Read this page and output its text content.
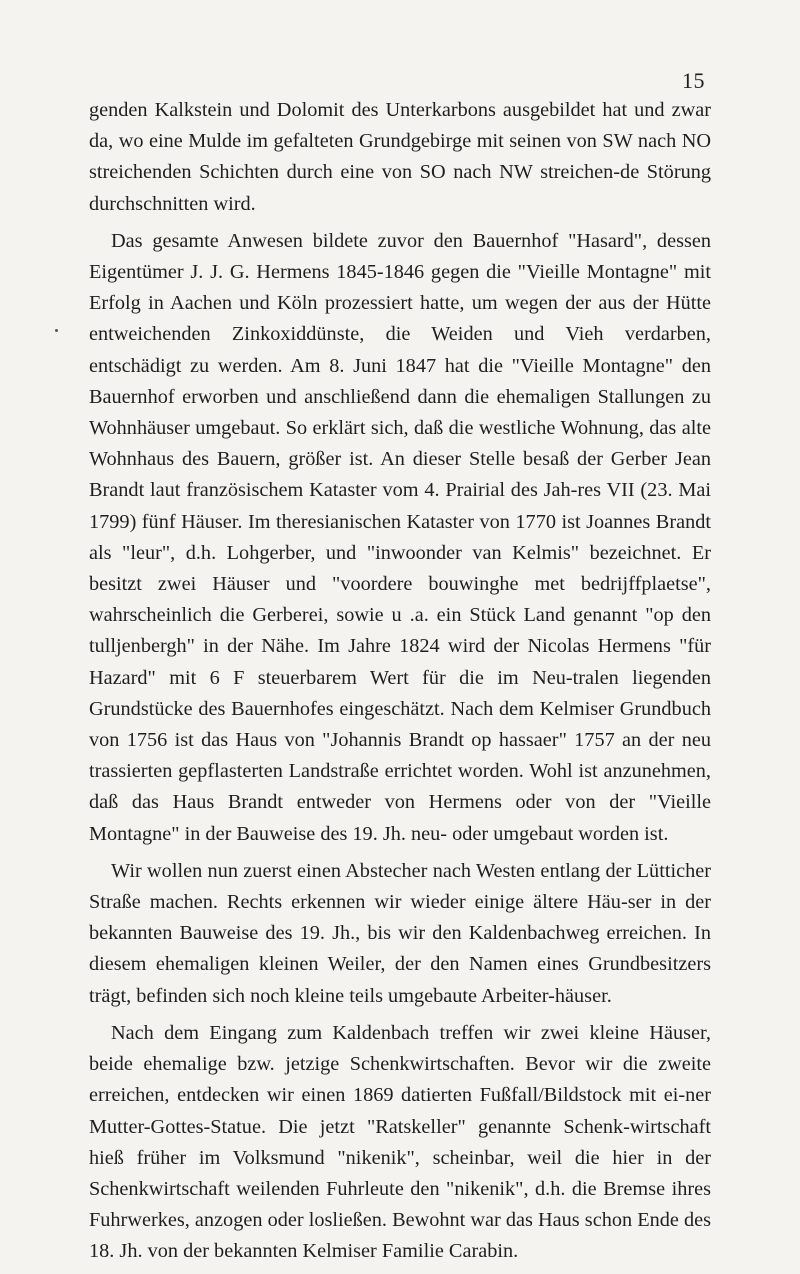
15

genden Kalkstein und Dolomit des Unterkarbons ausgebildet hat und zwar da, wo eine Mulde im gefalteten Grundgebirge mit seinen von SW nach NO streichenden Schichten durch eine von SO nach NW streichen-de Störung durchschnitten wird.

Das gesamte Anwesen bildete zuvor den Bauernhof "Hasard", dessen Eigentümer J. J. G. Hermens 1845-1846 gegen die "Vieille Montagne" mit Erfolg in Aachen und Köln prozessiert hatte, um wegen der aus der Hütte entweichenden Zinkoxiddünste, die Weiden und Vieh verdarben, entschädigt zu werden. Am 8. Juni 1847 hat die "Vieille Montagne" den Bauernhof erworben und anschließend dann die ehemaligen Stallungen zu Wohnhäuser umgebaut. So erklärt sich, daß die westliche Wohnung, das alte Wohnhaus des Bauern, größer ist. An dieser Stelle besaß der Gerber Jean Brandt laut französischem Kataster vom 4. Prairial des Jah-res VII (23. Mai 1799) fünf Häuser. Im theresianischen Kataster von 1770 ist Joannes Brandt als "leur", d.h. Lohgerber, und "inwoonder van Kelmis" bezeichnet. Er besitzt zwei Häuser und "voordere bouwinghe met bedrijffplaetse", wahrscheinlich die Gerberei, sowie u .a. ein Stück Land genannt "op den tulljenbergh" in der Nähe. Im Jahre 1824 wird der Nicolas Hermens "für Hazard" mit 6 F steuerbarem Wert für die im Neu-tralen liegenden Grundstücke des Bauernhofes eingeschätzt. Nach dem Kelmiser Grundbuch von 1756 ist das Haus von "Johannis Brandt op hassaer" 1757 an der neu trassierten gepflasterten Landstraße errichtet worden. Wohl ist anzunehmen, daß das Haus Brandt entweder von Hermens oder von der "Vieille Montagne" in der Bauweise des 19. Jh. neu- oder umgebaut worden ist.

Wir wollen nun zuerst einen Abstecher nach Westen entlang der Lütticher Straße machen. Rechts erkennen wir wieder einige ältere Häu-ser in der bekannten Bauweise des 19. Jh., bis wir den Kaldenbachweg erreichen. In diesem ehemaligen kleinen Weiler, der den Namen eines Grundbesitzers trägt, befinden sich noch kleine teils umgebaute Arbeiter-häuser.

Nach dem Eingang zum Kaldenbach treffen wir zwei kleine Häuser, beide ehemalige bzw. jetzige Schenkwirtschaften. Bevor wir die zweite erreichen, entdecken wir einen 1869 datierten Fußfall/Bildstock mit ei-ner Mutter-Gottes-Statue. Die jetzt "Ratskeller" genannte Schenk-wirtschaft hieß früher im Volksmund "nikenik", scheinbar, weil die hier in der Schenkwirtschaft weilenden Fuhrleute den "nikenik", d.h. die Bremse ihres Fuhrwerkes, anzogen oder losließen. Bewohnt war das Haus schon Ende des 18. Jh. von der bekannten Kelmiser Familie Carabin.
